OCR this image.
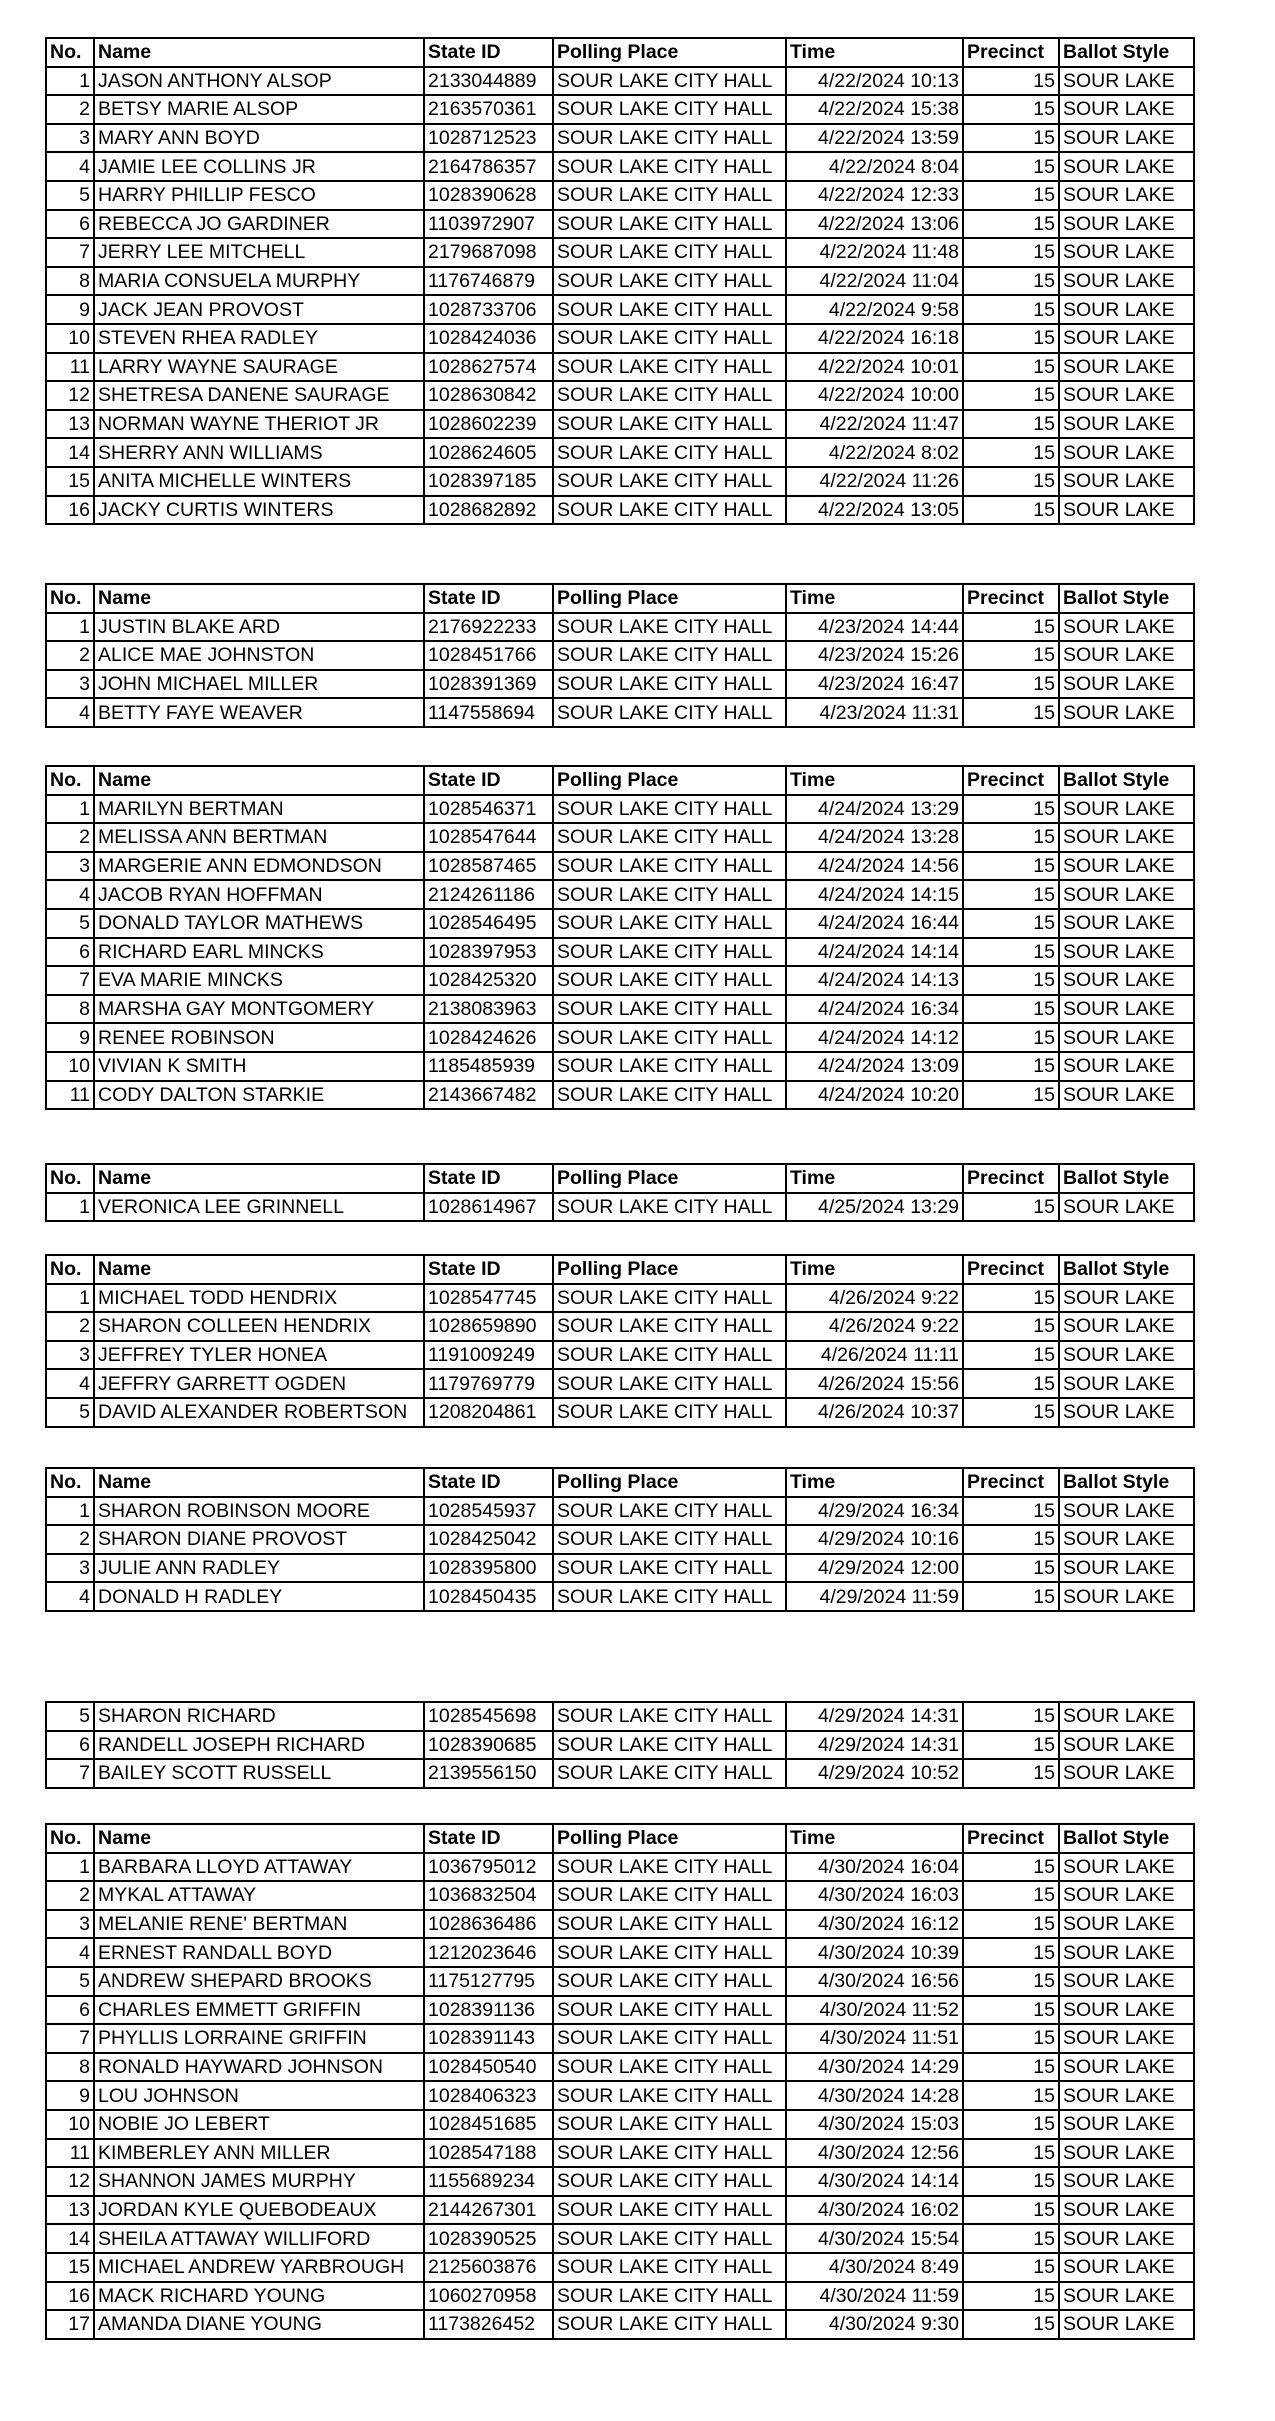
No.	Name	State ID	Polling Place	Time	Precinct	Ballot Style
1	JASON ANTHONY ALSOP	2133044889	SOUR LAKE CITY HALL	4/22/2024 10:13	15	SOUR LAKE
2	BETSY MARIE ALSOP	2163570361	SOUR LAKE CITY HALL	4/22/2024 15:38	15	SOUR LAKE
3	MARY ANN BOYD	1028712523	SOUR LAKE CITY HALL	4/22/2024 13:59	15	SOUR LAKE
4	JAMIE LEE COLLINS JR	2164786357	SOUR LAKE CITY HALL	4/22/2024 8:04	15	SOUR LAKE
5	HARRY PHILLIP FESCO	1028390628	SOUR LAKE CITY HALL	4/22/2024 12:33	15	SOUR LAKE
6	REBECCA JO GARDINER	1103972907	SOUR LAKE CITY HALL	4/22/2024 13:06	15	SOUR LAKE
7	JERRY LEE MITCHELL	2179687098	SOUR LAKE CITY HALL	4/22/2024 11:48	15	SOUR LAKE
8	MARIA CONSUELA MURPHY	1176746879	SOUR LAKE CITY HALL	4/22/2024 11:04	15	SOUR LAKE
9	JACK JEAN PROVOST	1028733706	SOUR LAKE CITY HALL	4/22/2024 9:58	15	SOUR LAKE
10	STEVEN RHEA RADLEY	1028424036	SOUR LAKE CITY HALL	4/22/2024 16:18	15	SOUR LAKE
11	LARRY WAYNE SAURAGE	1028627574	SOUR LAKE CITY HALL	4/22/2024 10:01	15	SOUR LAKE
12	SHETRESA DANENE SAURAGE	1028630842	SOUR LAKE CITY HALL	4/22/2024 10:00	15	SOUR LAKE
13	NORMAN WAYNE THERIOT JR	1028602239	SOUR LAKE CITY HALL	4/22/2024 11:47	15	SOUR LAKE
14	SHERRY ANN WILLIAMS	1028624605	SOUR LAKE CITY HALL	4/22/2024 8:02	15	SOUR LAKE
15	ANITA MICHELLE WINTERS	1028397185	SOUR LAKE CITY HALL	4/22/2024 11:26	15	SOUR LAKE
16	JACKY CURTIS WINTERS	1028682892	SOUR LAKE CITY HALL	4/22/2024 13:05	15	SOUR LAKE
No.	Name	State ID	Polling Place	Time	Precinct	Ballot Style
1	JUSTIN BLAKE ARD	2176922233	SOUR LAKE CITY HALL	4/23/2024 14:44	15	SOUR LAKE
2	ALICE MAE JOHNSTON	1028451766	SOUR LAKE CITY HALL	4/23/2024 15:26	15	SOUR LAKE
3	JOHN MICHAEL MILLER	1028391369	SOUR LAKE CITY HALL	4/23/2024 16:47	15	SOUR LAKE
4	BETTY FAYE WEAVER	1147558694	SOUR LAKE CITY HALL	4/23/2024 11:31	15	SOUR LAKE
No.	Name	State ID	Polling Place	Time	Precinct	Ballot Style
1	MARILYN BERTMAN	1028546371	SOUR LAKE CITY HALL	4/24/2024 13:29	15	SOUR LAKE
2	MELISSA ANN BERTMAN	1028547644	SOUR LAKE CITY HALL	4/24/2024 13:28	15	SOUR LAKE
3	MARGERIE ANN EDMONDSON	1028587465	SOUR LAKE CITY HALL	4/24/2024 14:56	15	SOUR LAKE
4	JACOB RYAN HOFFMAN	2124261186	SOUR LAKE CITY HALL	4/24/2024 14:15	15	SOUR LAKE
5	DONALD TAYLOR MATHEWS	1028546495	SOUR LAKE CITY HALL	4/24/2024 16:44	15	SOUR LAKE
6	RICHARD EARL MINCKS	1028397953	SOUR LAKE CITY HALL	4/24/2024 14:14	15	SOUR LAKE
7	EVA MARIE MINCKS	1028425320	SOUR LAKE CITY HALL	4/24/2024 14:13	15	SOUR LAKE
8	MARSHA GAY MONTGOMERY	2138083963	SOUR LAKE CITY HALL	4/24/2024 16:34	15	SOUR LAKE
9	RENEE ROBINSON	1028424626	SOUR LAKE CITY HALL	4/24/2024 14:12	15	SOUR LAKE
10	VIVIAN K SMITH	1185485939	SOUR LAKE CITY HALL	4/24/2024 13:09	15	SOUR LAKE
11	CODY DALTON STARKIE	2143667482	SOUR LAKE CITY HALL	4/24/2024 10:20	15	SOUR LAKE
No.	Name	State ID	Polling Place	Time	Precinct	Ballot Style
1	VERONICA LEE GRINNELL	1028614967	SOUR LAKE CITY HALL	4/25/2024 13:29	15	SOUR LAKE
No.	Name	State ID	Polling Place	Time	Precinct	Ballot Style
1	MICHAEL TODD HENDRIX	1028547745	SOUR LAKE CITY HALL	4/26/2024 9:22	15	SOUR LAKE
2	SHARON COLLEEN HENDRIX	1028659890	SOUR LAKE CITY HALL	4/26/2024 9:22	15	SOUR LAKE
3	JEFFREY TYLER HONEA	1191009249	SOUR LAKE CITY HALL	4/26/2024 11:11	15	SOUR LAKE
4	JEFFRY GARRETT OGDEN	1179769779	SOUR LAKE CITY HALL	4/26/2024 15:56	15	SOUR LAKE
5	DAVID ALEXANDER ROBERTSON	1208204861	SOUR LAKE CITY HALL	4/26/2024 10:37	15	SOUR LAKE
No.	Name	State ID	Polling Place	Time	Precinct	Ballot Style
1	SHARON ROBINSON MOORE	1028545937	SOUR LAKE CITY HALL	4/29/2024 16:34	15	SOUR LAKE
2	SHARON DIANE PROVOST	1028425042	SOUR LAKE CITY HALL	4/29/2024 10:16	15	SOUR LAKE
3	JULIE ANN RADLEY	1028395800	SOUR LAKE CITY HALL	4/29/2024 12:00	15	SOUR LAKE
4	DONALD H RADLEY	1028450435	SOUR LAKE CITY HALL	4/29/2024 11:59	15	SOUR LAKE
5	SHARON RICHARD	1028545698	SOUR LAKE CITY HALL	4/29/2024 14:31	15	SOUR LAKE
6	RANDELL JOSEPH RICHARD	1028390685	SOUR LAKE CITY HALL	4/29/2024 14:31	15	SOUR LAKE
7	BAILEY SCOTT RUSSELL	2139556150	SOUR LAKE CITY HALL	4/29/2024 10:52	15	SOUR LAKE
No.	Name	State ID	Polling Place	Time	Precinct	Ballot Style
1	BARBARA LLOYD ATTAWAY	1036795012	SOUR LAKE CITY HALL	4/30/2024 16:04	15	SOUR LAKE
2	MYKAL ATTAWAY	1036832504	SOUR LAKE CITY HALL	4/30/2024 16:03	15	SOUR LAKE
3	MELANIE RENE' BERTMAN	1028636486	SOUR LAKE CITY HALL	4/30/2024 16:12	15	SOUR LAKE
4	ERNEST RANDALL BOYD	1212023646	SOUR LAKE CITY HALL	4/30/2024 10:39	15	SOUR LAKE
5	ANDREW SHEPARD BROOKS	1175127795	SOUR LAKE CITY HALL	4/30/2024 16:56	15	SOUR LAKE
6	CHARLES EMMETT GRIFFIN	1028391136	SOUR LAKE CITY HALL	4/30/2024 11:52	15	SOUR LAKE
7	PHYLLIS LORRAINE GRIFFIN	1028391143	SOUR LAKE CITY HALL	4/30/2024 11:51	15	SOUR LAKE
8	RONALD HAYWARD JOHNSON	1028450540	SOUR LAKE CITY HALL	4/30/2024 14:29	15	SOUR LAKE
9	LOU JOHNSON	1028406323	SOUR LAKE CITY HALL	4/30/2024 14:28	15	SOUR LAKE
10	NOBIE JO LEBERT	1028451685	SOUR LAKE CITY HALL	4/30/2024 15:03	15	SOUR LAKE
11	KIMBERLEY ANN MILLER	1028547188	SOUR LAKE CITY HALL	4/30/2024 12:56	15	SOUR LAKE
12	SHANNON JAMES MURPHY	1155689234	SOUR LAKE CITY HALL	4/30/2024 14:14	15	SOUR LAKE
13	JORDAN KYLE QUEBODEAUX	2144267301	SOUR LAKE CITY HALL	4/30/2024 16:02	15	SOUR LAKE
14	SHEILA ATTAWAY WILLIFORD	1028390525	SOUR LAKE CITY HALL	4/30/2024 15:54	15	SOUR LAKE
15	MICHAEL ANDREW YARBROUGH	2125603876	SOUR LAKE CITY HALL	4/30/2024 8:49	15	SOUR LAKE
16	MACK RICHARD YOUNG	1060270958	SOUR LAKE CITY HALL	4/30/2024 11:59	15	SOUR LAKE
17	AMANDA DIANE YOUNG	1173826452	SOUR LAKE CITY HALL	4/30/2024 9:30	15	SOUR LAKE
